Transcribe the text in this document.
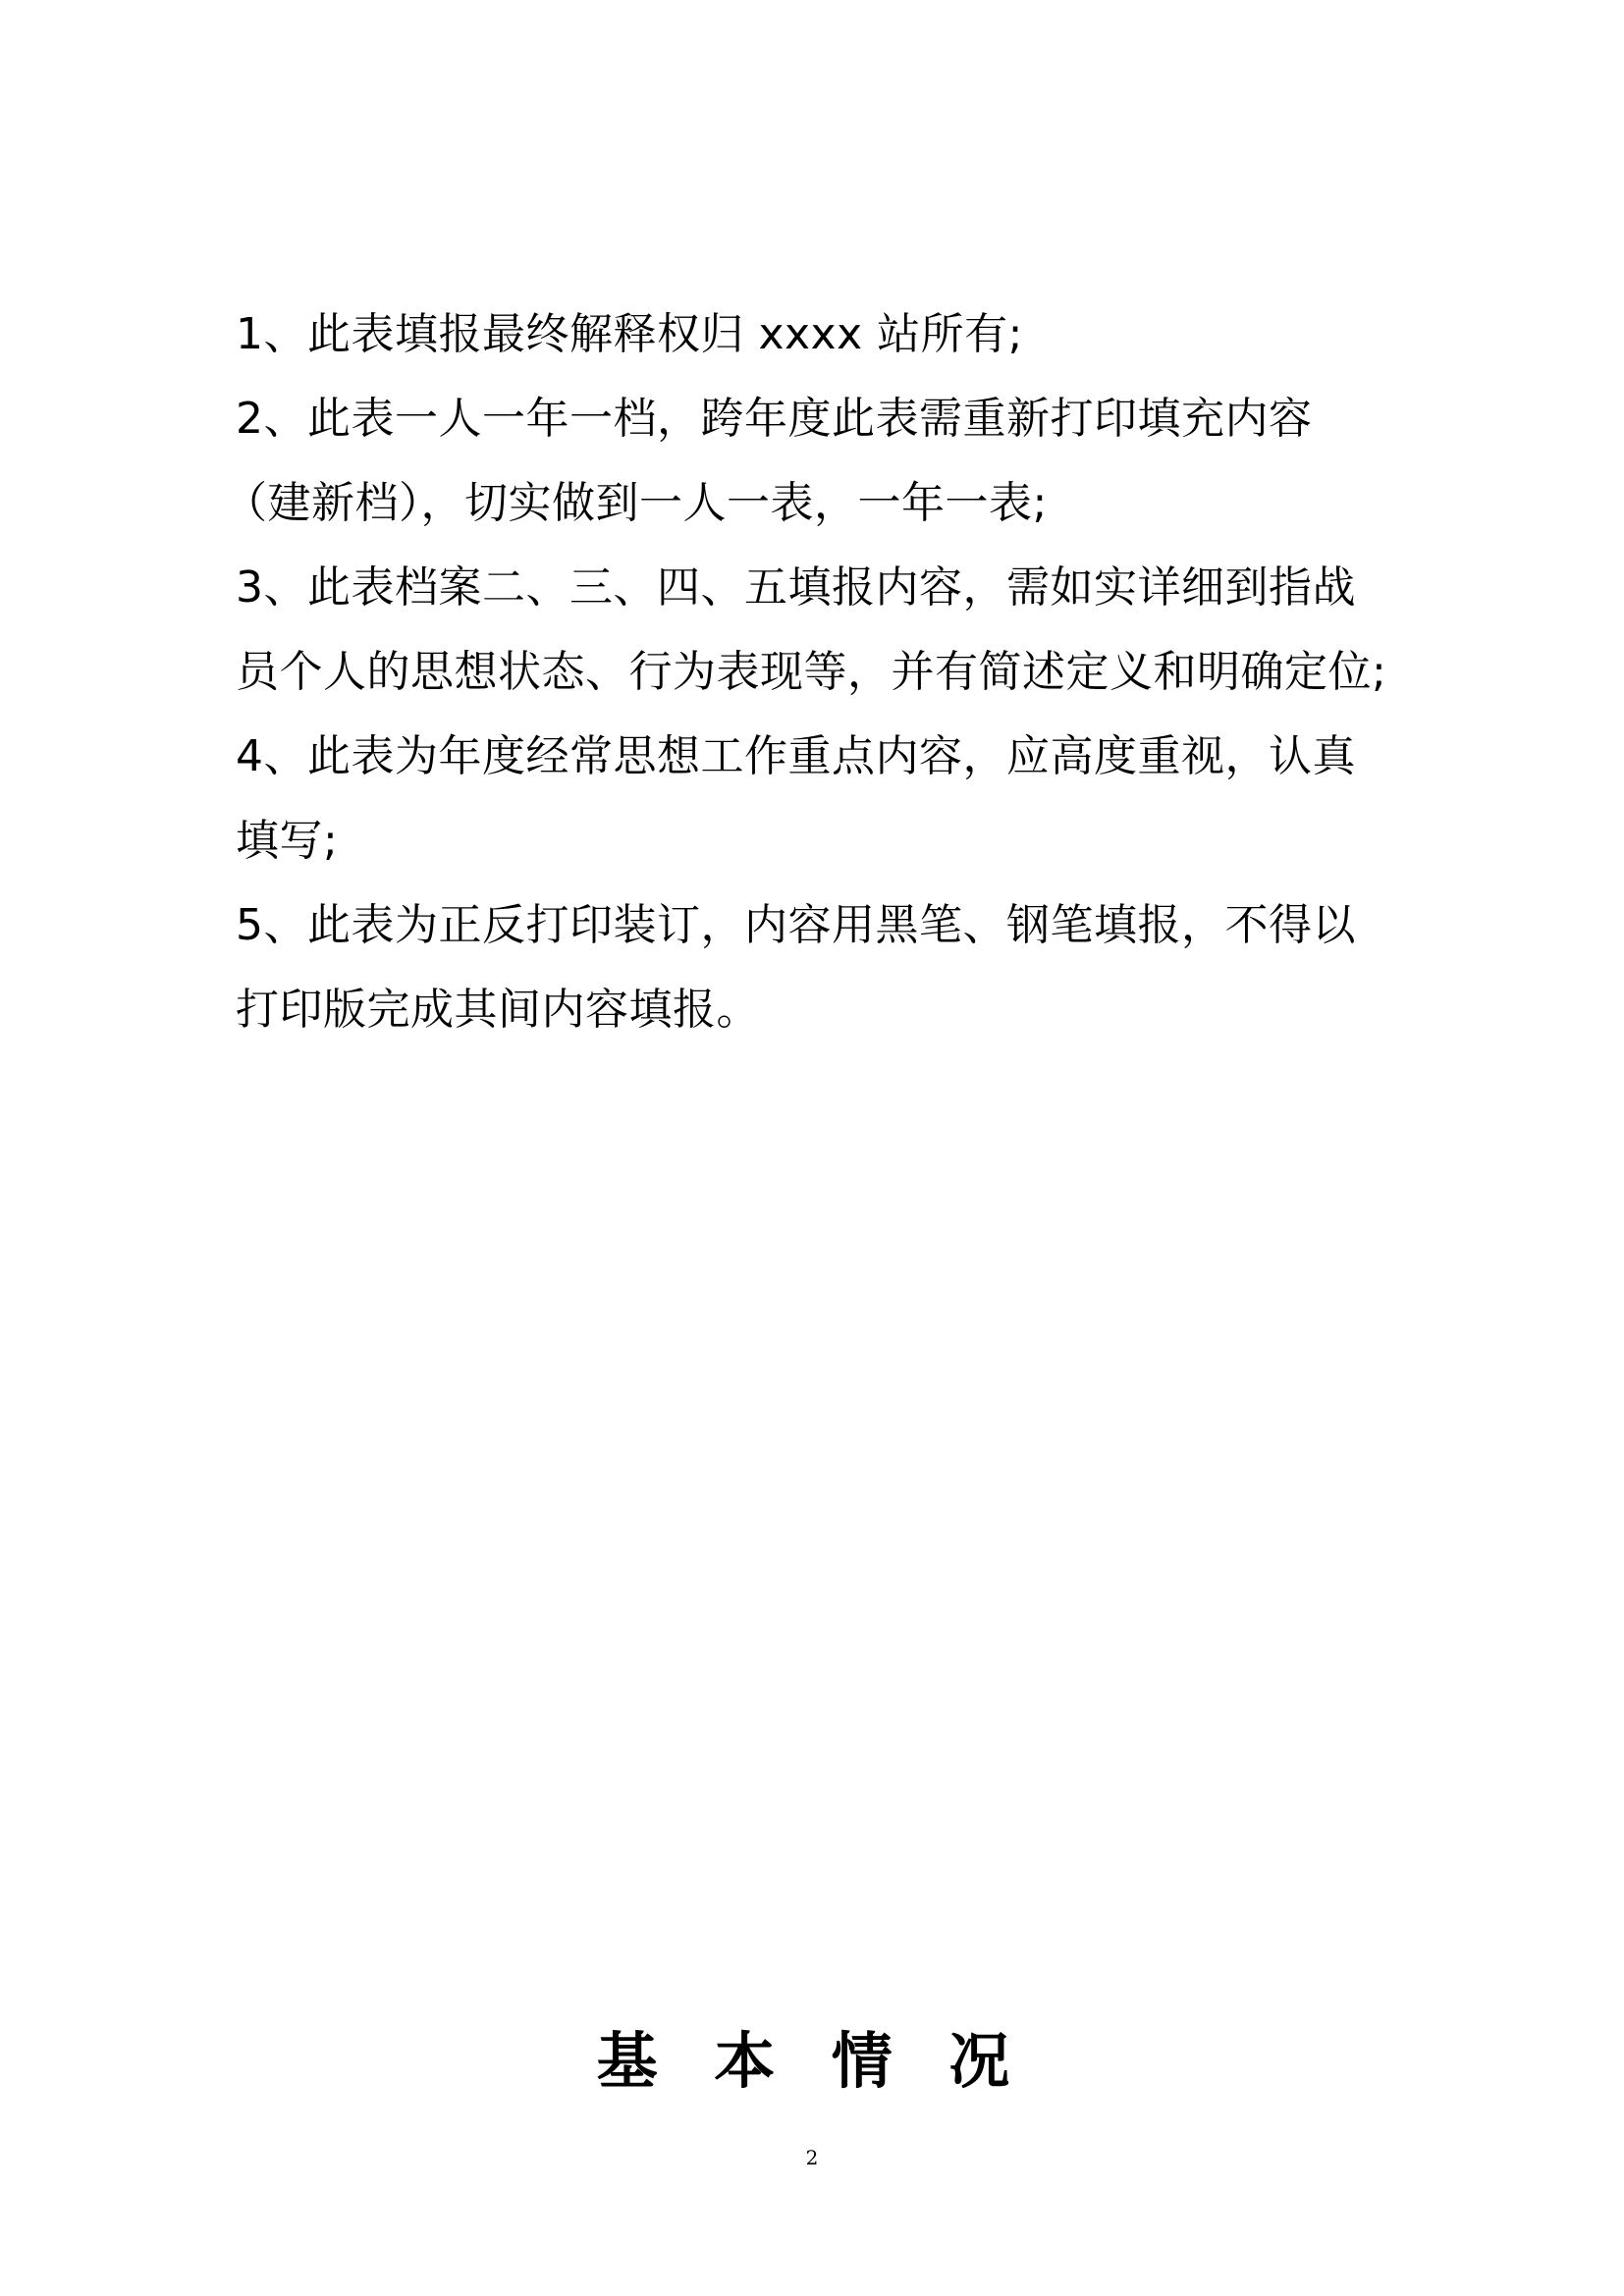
1、此表填报最终解释权归 xxxx 站所有;
2、此表一人一年一档，跨年度此表需重新打印填充内容
（建新档），切实做到一人一表，一年一表;
3、此表档案二、三、四、五填报内容，需如实详细到指战
员个人的思想状态、行为表现等，并有简述定义和明确定位;
4、此表为年度经常思想工作重点内容，应高度重视，认真
填写;
5、此表为正反打印装订，内容用黑笔、钢笔填报，不得以
打印版完成其间内容填报。
基 本 情 况
2
